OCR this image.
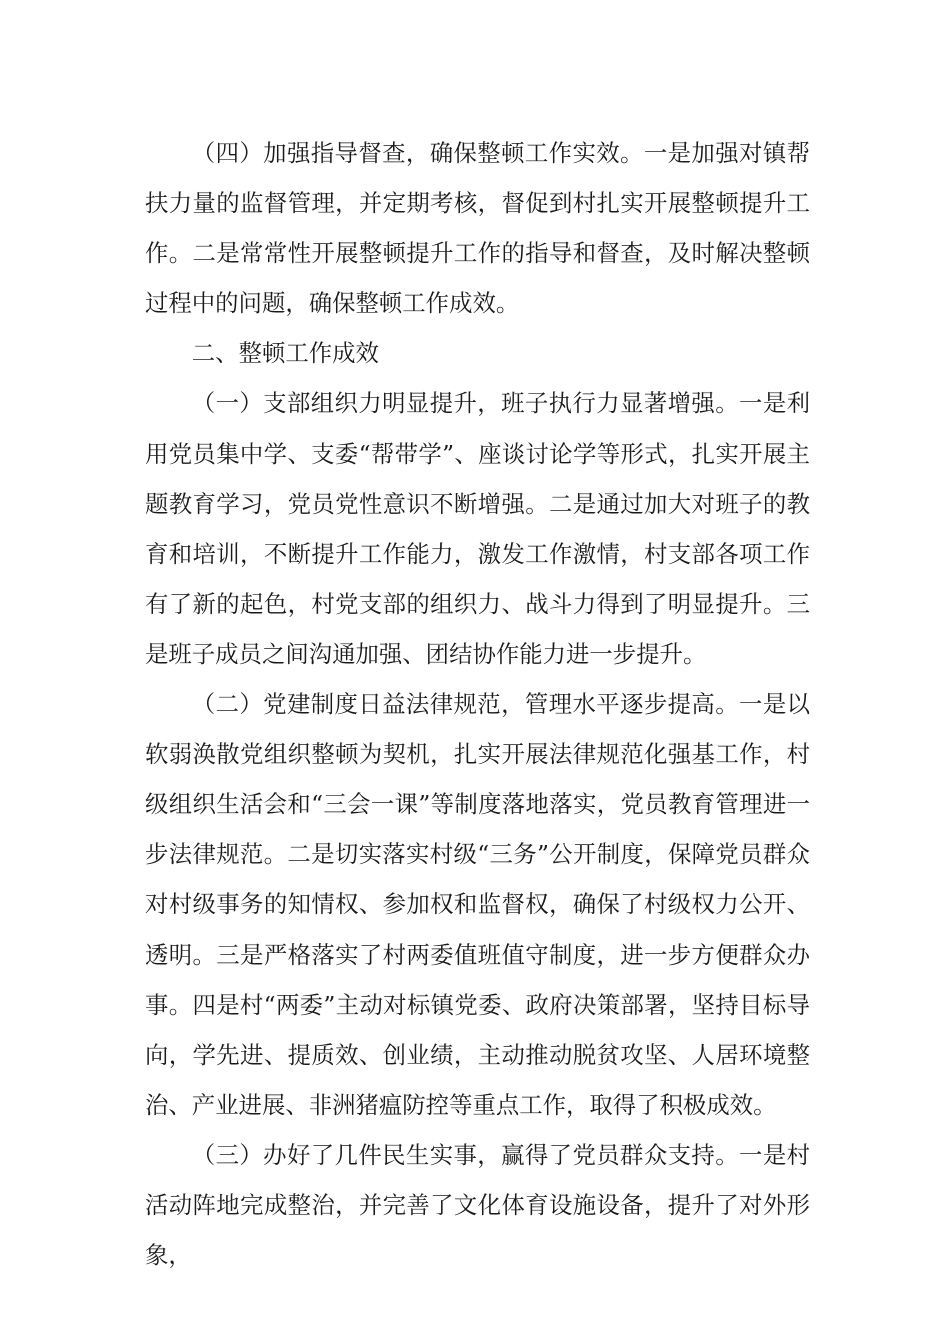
（四）加强指导督查，确保整顿工作实效。一是加强对镇帮扶力量的监督管理，并定期考核，督促到村扎实开展整顿提升工作。二是常常性开展整顿提升工作的指导和督查，及时解决整顿过程中的问题，确保整顿工作成效。

二、整顿工作成效

（一）支部组织力明显提升，班子执行力显著增强。一是利用党员集中学、支委“帮带学”、座谈讨论学等形式，扎实开展主题教育学习，党员党性意识不断增强。二是通过加大对班子的教育和培训，不断提升工作能力，激发工作激情，村支部各项工作有了新的起色，村党支部的组织力、战斗力得到了明显提升。三是班子成员之间沟通加强、团结协作能力进一步提升。

（二）党建制度日益法律规范，管理水平逐步提高。一是以软弱涣散党组织整顿为契机，扎实开展法律规范化强基工作，村级组织生活会和“三会一课”等制度落地落实，党员教育管理进一步法律规范。二是切实落实村级“三务”公开制度，保障党员群众对村级事务的知情权、参加权和监督权，确保了村级权力公开、透明。三是严格落实了村两委值班值守制度，进一步方便群众办事。四是村“两委”主动对标镇党委、政府决策部署，坚持目标导向，学先进、提质效、创业绩，主动推动脱贫攻坚、人居环境整治、产业进展、非洲猪瘟防控等重点工作，取得了积极成效。

（三）办好了几件民生实事，赢得了党员群众支持。一是村活动阵地完成整治，并完善了文化体育设施设备，提升了对外形象，
